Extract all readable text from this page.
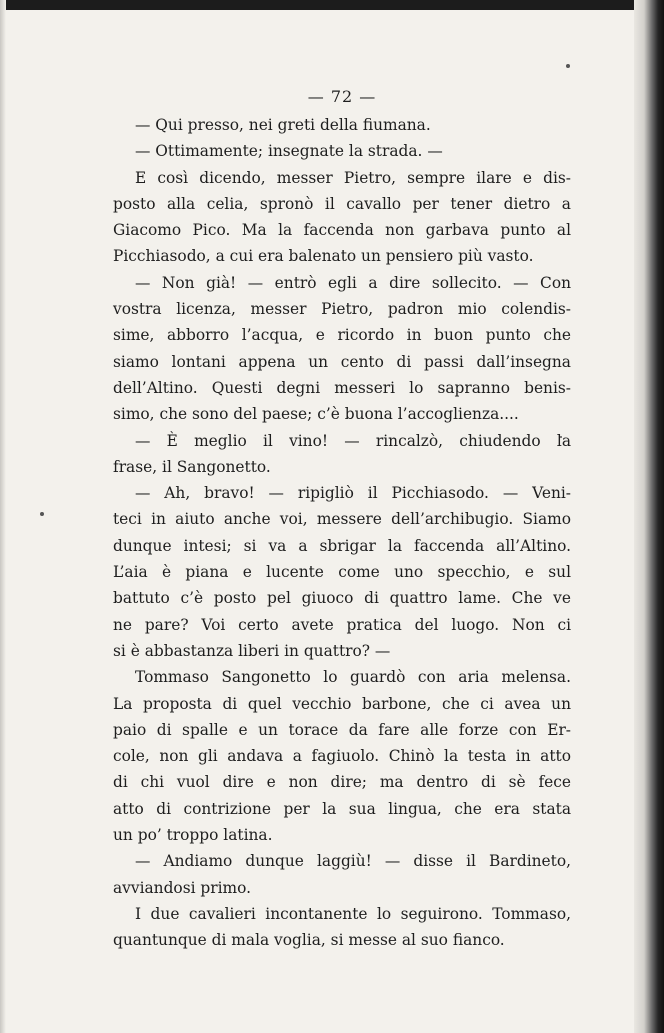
— 72 —
— Qui presso, nei greti della fiumana.
— Ottimamente; insegnate la strada. —
E così dicendo, messer Pietro, sempre ilare e dis-
posto alla celia, spronò il cavallo per tener dietro a
Giacomo Pico. Ma la faccenda non garbava punto al
Picchiasodo, a cui era balenato un pensiero più vasto.
— Non già! — entrò egli a dire sollecito. — Con
vostra licenza, messer Pietro, padron mio colendis-
sime, abborro l’acqua, e ricordo in buon punto che
siamo lontani appena un cento di passi dall’insegna
dell’Altino. Questi degni messeri lo sapranno benis-
simo, che sono del paese; c’è buona l’accoglienza....
— È meglio il vino! — rincalzò, chiudendo la
frase, il Sangonetto.
— Ah, bravo! — ripigliò il Picchiasodo. — Veni-
teci in aiuto anche voi, messere dell’archibugio. Siamo
dunque intesi; si va a sbrigar la faccenda all’Altino.
L’aia è piana e lucente come uno specchio, e sul
battuto c’è posto pel giuoco di quattro lame. Che ve
ne pare? Voi certo avete pratica del luogo. Non ci
si è abbastanza liberi in quattro? —
Tommaso Sangonetto lo guardò con aria melensa.
La proposta di quel vecchio barbone, che ci avea un
paio di spalle e un torace da fare alle forze con Er-
cole, non gli andava a fagiuolo. Chinò la testa in atto
di chi vuol dire e non dire; ma dentro di sè fece
atto di contrizione per la sua lingua, che era stata
un po’ troppo latina.
— Andiamo dunque laggiù! — disse il Bardineto,
avviandosi primo.
I due cavalieri incontanente lo seguirono. Tommaso,
quantunque di mala voglia, si messe al suo fianco.
